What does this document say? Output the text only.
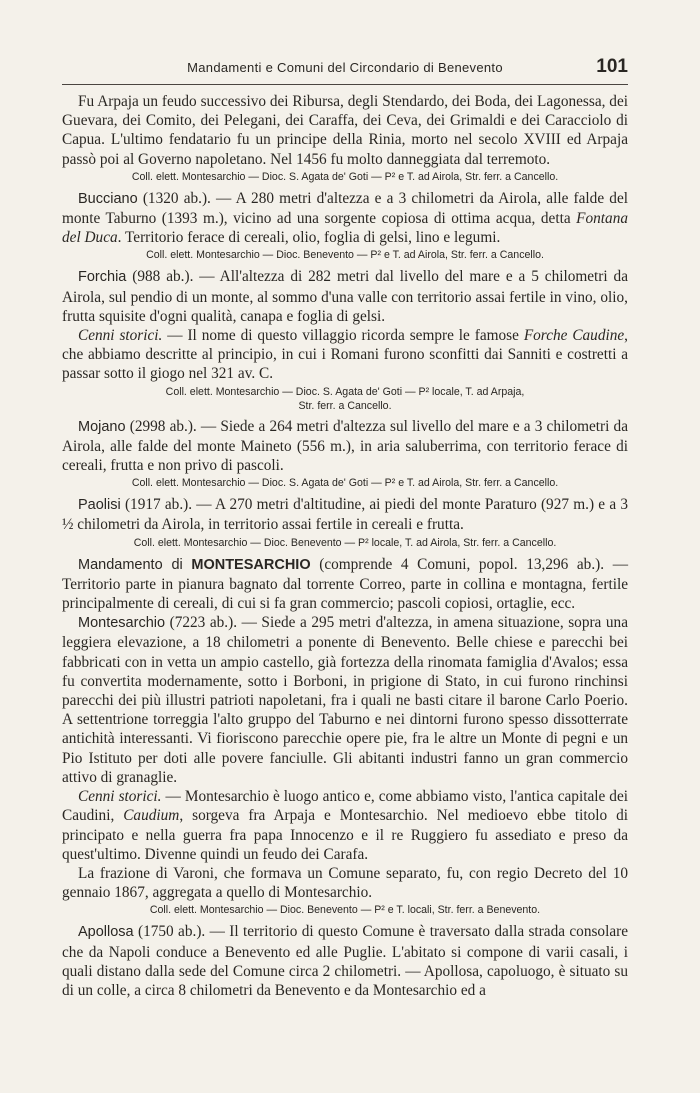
Mandamenti e Comuni del Circondario di Benevento	101

Fu Arpaja un feudo successivo dei Ribursa, degli Stendardo, dei Boda, dei Lagonessa, dei Guevara, dei Comito, dei Pelegani, dei Caraffa, dei Ceva, dei Grimaldi e dei Caracciolo di Capua. L'ultimo fendatario fu un principe della Rinia, morto nel secolo XVIII ed Arpaja passò poi al Governo napoletano. Nel 1456 fu molto danneggiata dal terremoto.

Coll. elett. Montesarchio — Dioc. S. Agata de' Goti — P² e T. ad Airola, Str. ferr. a Cancello.

Bucciano (1320 ab.). — A 280 metri d'altezza e a 3 chilometri da Airola, alle falde del monte Taburno (1393 m.), vicino ad una sorgente copiosa di ottima acqua, detta Fontana del Duca. Territorio ferace di cereali, olio, foglia di gelsi, lino e legumi.

Coll. elett. Montesarchio — Dioc. Benevento — P² e T. ad Airola, Str. ferr. a Cancello.

Forchia (988 ab.). — All'altezza di 282 metri dal livello del mare e a 5 chilometri da Airola, sul pendio di un monte, al sommo d'una valle con territorio assai fertile in vino, olio, frutta squisite d'ogni qualità, canapa e foglia di gelsi.

Cenni storici. — Il nome di questo villaggio ricorda sempre le famose Forche Caudine, che abbiamo descritte al principio, in cui i Romani furono sconfitti dai Sanniti e costretti a passar sotto il giogo nel 321 av. C.

Coll. elett. Montesarchio — Dioc. S. Agata de' Goti — P² locale, T. ad Arpaja,
Str. ferr. a Cancello.

Mojano (2998 ab.). — Siede a 264 metri d'altezza sul livello del mare e a 3 chilometri da Airola, alle falde del monte Maineto (556 m.), in aria saluberrima, con territorio ferace di cereali, frutta e non privo di pascoli.

Coll. elett. Montesarchio — Dioc. S. Agata de' Goti — P² e T. ad Airola, Str. ferr. a Cancello.

Paolisi (1917 ab.). — A 270 metri d'altitudine, ai piedi del monte Paraturo (927 m.) e a 3 ½ chilometri da Airola, in territorio assai fertile in cereali e frutta.

Coll. elett. Montesarchio — Dioc. Benevento — P² locale, T. ad Airola, Str. ferr. a Cancello.

Mandamento di MONTESARCHIO (comprende 4 Comuni, popol. 13,296 ab.). — Territorio parte in pianura bagnato dal torrente Correo, parte in collina e montagna, fertile principalmente di cereali, di cui si fa gran commercio; pascoli copiosi, ortaglie, ecc.

Montesarchio (7223 ab.). — Siede a 295 metri d'altezza, in amena situazione, sopra una leggiera elevazione, a 18 chilometri a ponente di Benevento. Belle chiese e parecchi bei fabbricati con in vetta un ampio castello, già fortezza della rinomata famiglia d'Avalos; essa fu convertita modernamente, sotto i Borboni, in prigione di Stato, in cui furono rinchinsi parecchi dei più illustri patrioti napoletani, fra i quali ne basti citare il barone Carlo Poerio. A settentrione torreggia l'alto gruppo del Taburno e nei dintorni furono spesso dissotterrate antichità interessanti. Vi fioriscono parecchie opere pie, fra le altre un Monte di pegni e un Pio Istituto per doti alle povere fanciulle. Gli abitanti industri fanno un gran commercio attivo di granaglie.

Cenni storici. — Montesarchio è luogo antico e, come abbiamo visto, l'antica capitale dei Caudini, Caudium, sorgeva fra Arpaja e Montesarchio. Nel medioevo ebbe titolo di principato e nella guerra fra papa Innocenzo e il re Ruggiero fu assediato e preso da quest'ultimo. Divenne quindi un feudo dei Carafa.

La frazione di Varoni, che formava un Comune separato, fu, con regio Decreto del 10 gennaio 1867, aggregata a quello di Montesarchio.

Coll. elett. Montesarchio — Dioc. Benevento — P² e T. locali, Str. ferr. a Benevento.

Apollosa (1750 ab.). — Il territorio di questo Comune è traversato dalla strada consolare che da Napoli conduce a Benevento ed alle Puglie. L'abitato si compone di varii casali, i quali distano dalla sede del Comune circa 2 chilometri. — Apollosa, capoluogo, è situato su di un colle, a circa 8 chilometri da Benevento e da Montesarchio ed a
